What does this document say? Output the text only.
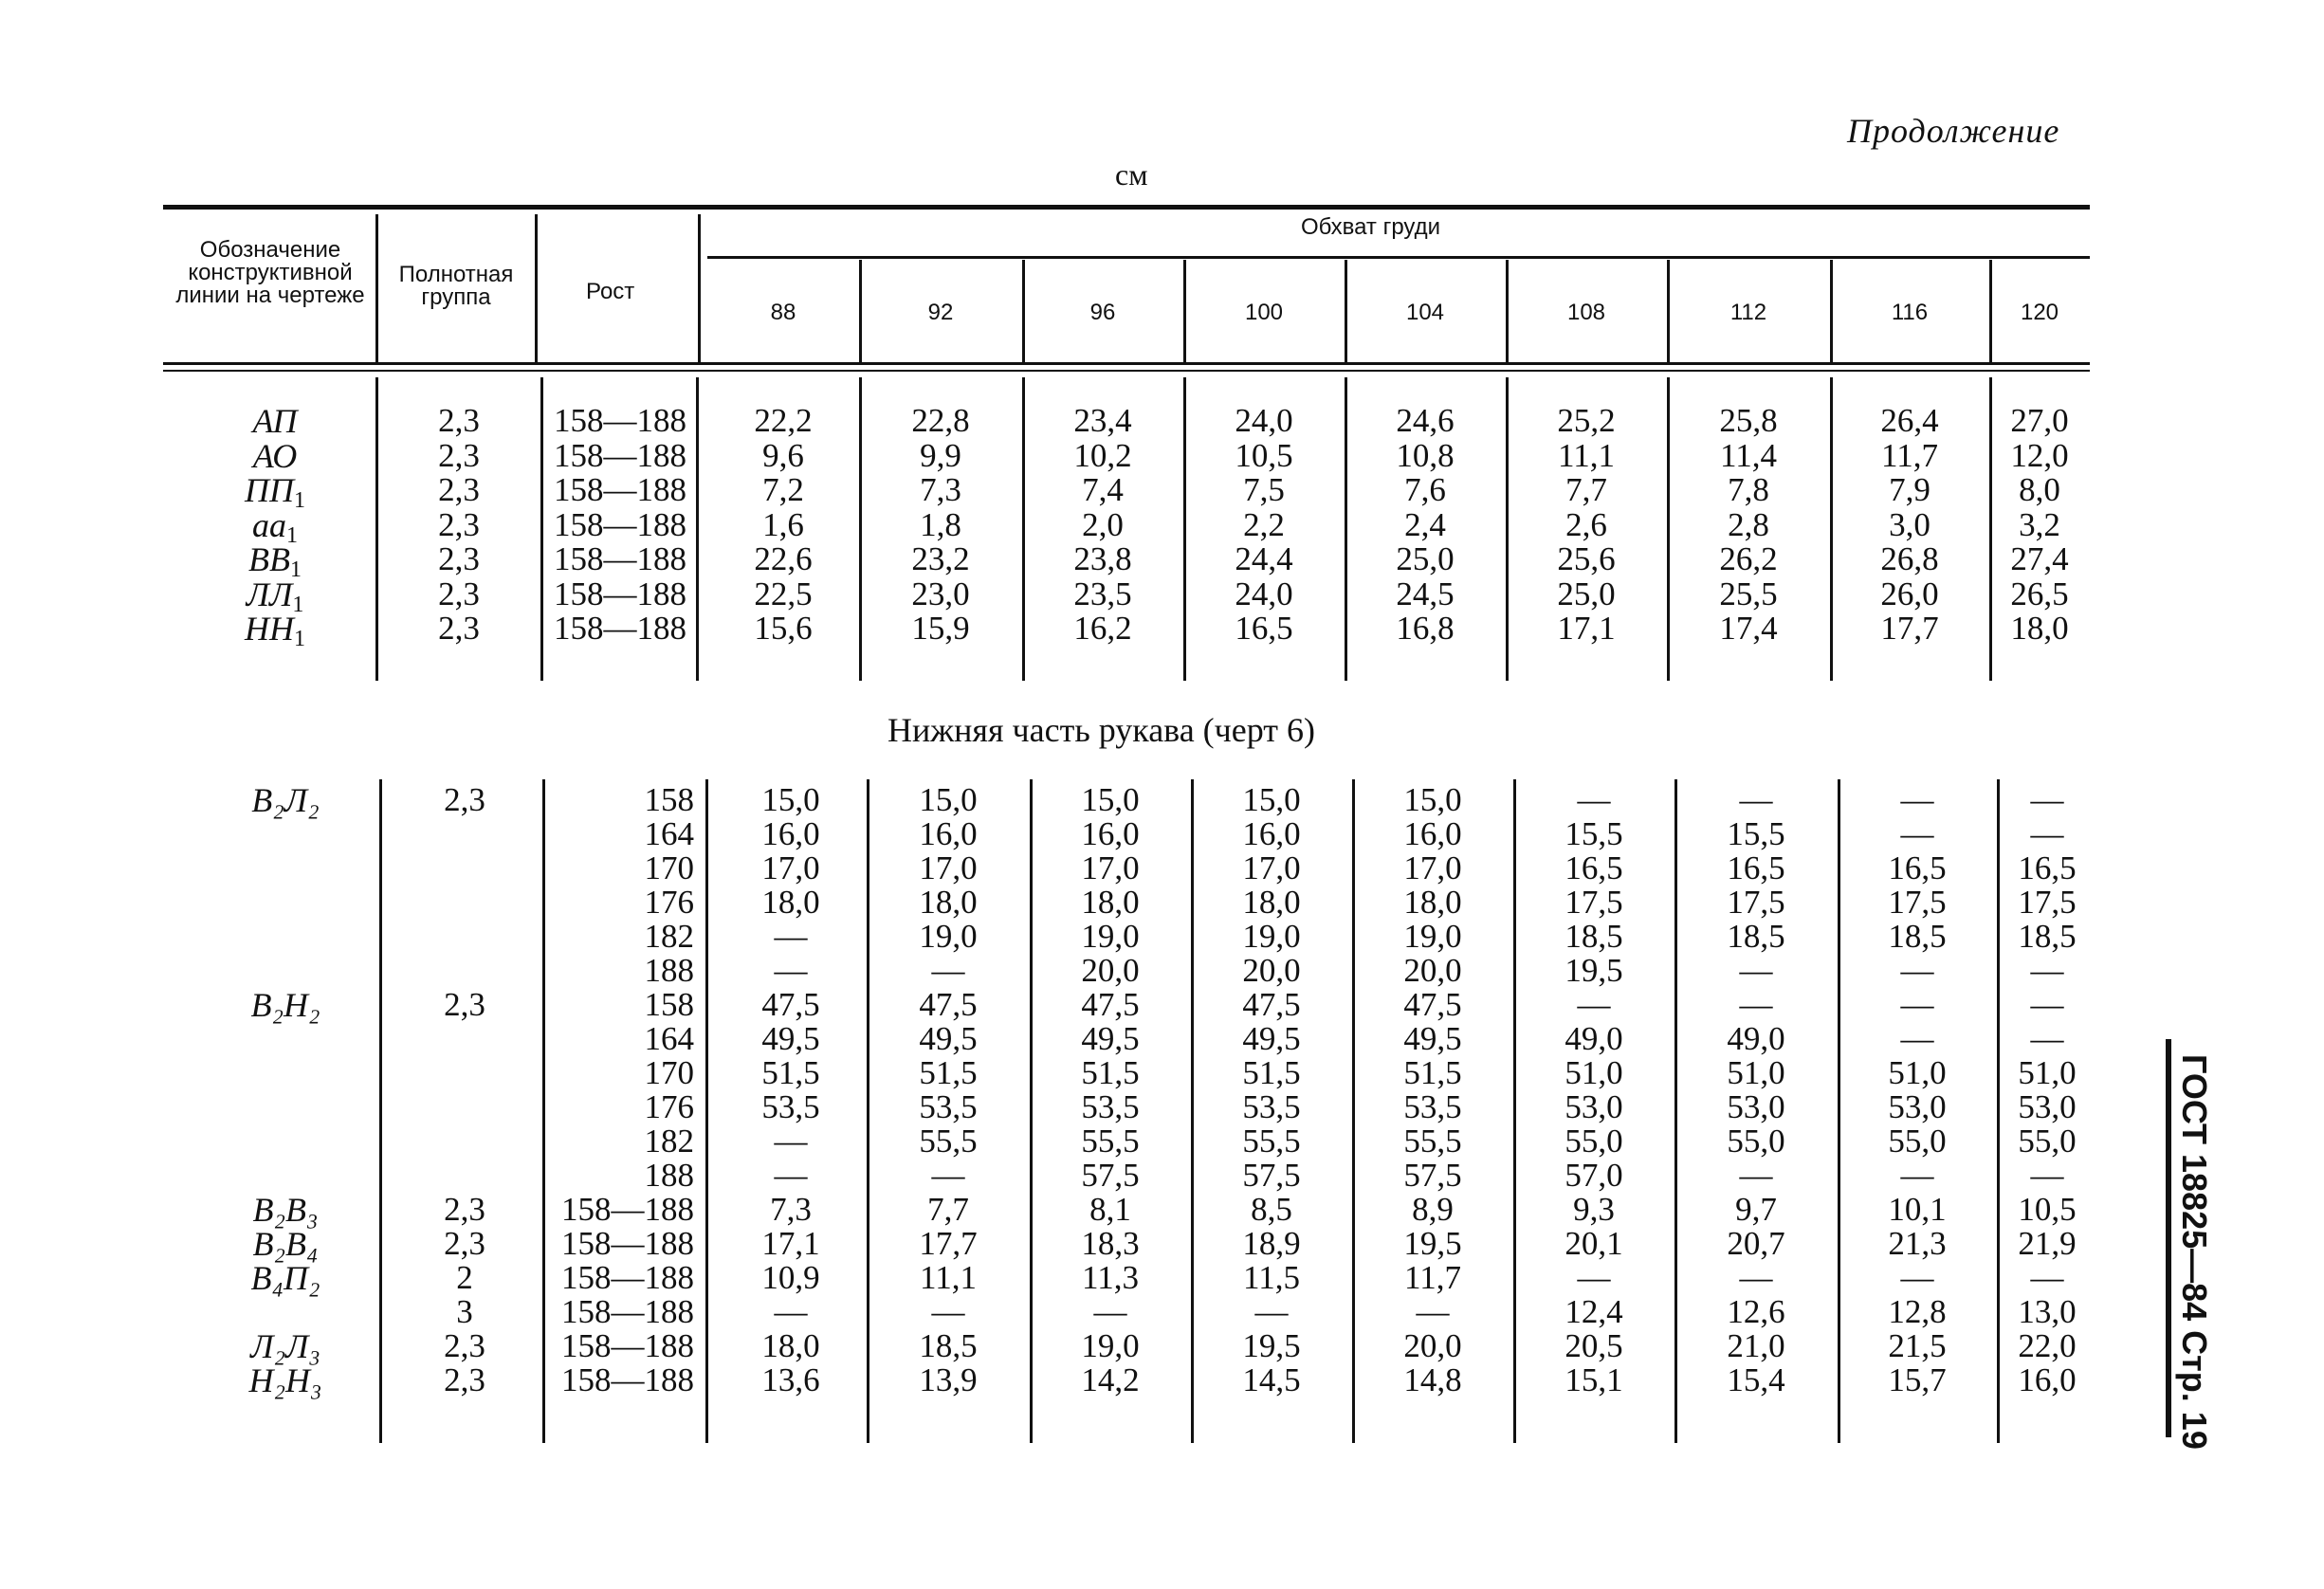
Продолжение
см
Обозначение конструктивной линии на чертеже
Полнотная группа	Рост
Обхват груди
88	92	96	100	104	108	112	116	120
АП	2,3	158—188	22,2	22,8	23,4	24,0	24,6	25,2	25,8	26,4	27,0
АО	2,3	158—188	9,6	9,9	10,2	10,5	10,8	11,1	11,4	11,7	12,0
$ПП_1$	2,3	158—188	7,2	7,3	7,4	7,5	7,6	7,7	7,8	7,9	8,0
$аа_1$	2,3	158—188	1,6	1,8	2,0	2,2	2,4	2,6	2,8	3,0	3,2
$ВВ_1$	2,3	158—188	22,6	23,2	23,8	24,4	25,0	25,6	26,2	26,8	27,4
$ЛЛ_1$	2,3	158—188	22,5	23,0	23,5	24,0	24,5	25,0	25,5	26,0	26,5
$НН_1$	2,3	158—188	15,6	15,9	16,2	16,5	16,8	17,1	17,4	17,7	18,0
Нижняя часть рукава (черт 6)
В₂Л₂	2,3	158	15,0	15,0	15,0	15,0	15,0	—	—	—	—
164	16,0	16,0	16,0	16,0	16,0	15,5	15,5	—	—
170	17,0	17,0	17,0	17,0	17,0	16,5	16,5	16,5	16,5
176	18,0	18,0	18,0	18,0	18,0	17,5	17,5	17,5	17,5
182	—	19,0	19,0	19,0	19,0	18,5	18,5	18,5	18,5
188	—	—	20,0	20,0	20,0	19,5	—	—	—
В₂Н₂	2,3	158	47,5	47,5	47,5	47,5	47,5	—	—	—	—
164	49,5	49,5	49,5	49,5	49,5	49,0	49,0	—	—
170	51,5	51,5	51,5	51,5	51,5	51,0	51,0	51,0	51,0
176	53,5	53,5	53,5	53,5	53,5	53,0	53,0	53,0	53,0
182	—	55,5	55,5	55,5	55,5	55,0	55,0	55,0	55,0
188	—	—	57,5	57,5	57,5	57,0	—	—	—
В₂В₃	2,3	158—188	7,3	7,7	8,1	8,5	8,9	9,3	9,7	10,1	10,5
В₂В₄	2,3	158—188	17,1	17,7	18,3	18,9	19,5	20,1	20,7	21,3	21,9
В₄П₂	2	158—188	10,9	11,1	11,3	11,5	11,7	—	—	—	—
3	158—188	—	—	—	—	—	12,4	12,6	12,8	13,0
Л₂Л₃	2,3	158—188	18,0	18,5	19,0	19,5	20,0	20,5	21,0	21,5	22,0
Н₂Н₃	2,3	158—188	13,6	13,9	14,2	14,5	14,8	15,1	15,4	15,7	16,0	ГОСТ 18825—84 Стр. 19
